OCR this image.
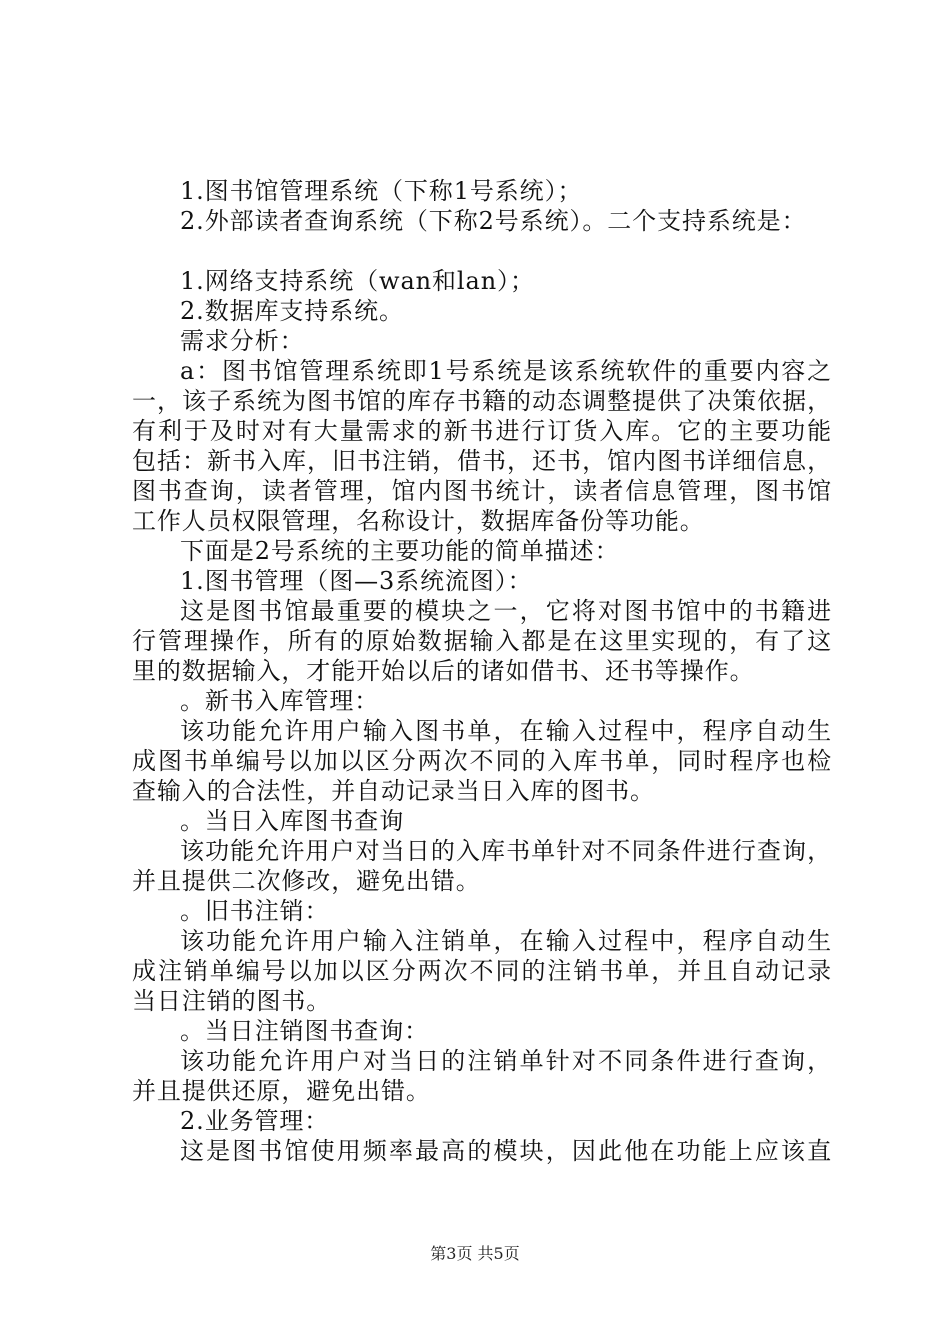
1.图书馆管理系统（下称1号系统）；
2.外部读者查询系统（下称2号系统）。二个支持系统是：
1.网络支持系统（wan和lan）；
2.数据库支持系统。
需求分析：
a：图书馆管理系统即1号系统是该系统软件的重要内容之
一，该子系统为图书馆的库存书籍的动态调整提供了决策依据，
有利于及时对有大量需求的新书进行订货入库。它的主要功能
包括：新书入库，旧书注销，借书，还书，馆内图书详细信息，
图书查询，读者管理，馆内图书统计，读者信息管理，图书馆
工作人员权限管理，名称设计，数据库备份等功能。
下面是2号系统的主要功能的简单描述：
1.图书管理（图—3系统流图）：
这是图书馆最重要的模块之一，它将对图书馆中的书籍进
行管理操作，所有的原始数据输入都是在这里实现的，有了这
里的数据输入，才能开始以后的诸如借书、还书等操作。
。新书入库管理：
该功能允许用户输入图书单，在输入过程中，程序自动生
成图书单编号以加以区分两次不同的入库书单，同时程序也检
查输入的合法性，并自动记录当日入库的图书。
。当日入库图书查询
该功能允许用户对当日的入库书单针对不同条件进行查询，
并且提供二次修改，避免出错。
。旧书注销：
该功能允许用户输入注销单，在输入过程中，程序自动生
成注销单编号以加以区分两次不同的注销书单，并且自动记录
当日注销的图书。
。当日注销图书查询：
该功能允许用户对当日的注销单针对不同条件进行查询，
并且提供还原，避免出错。
2.业务管理：
这是图书馆使用频率最高的模块，因此他在功能上应该直
第3页 共5页
